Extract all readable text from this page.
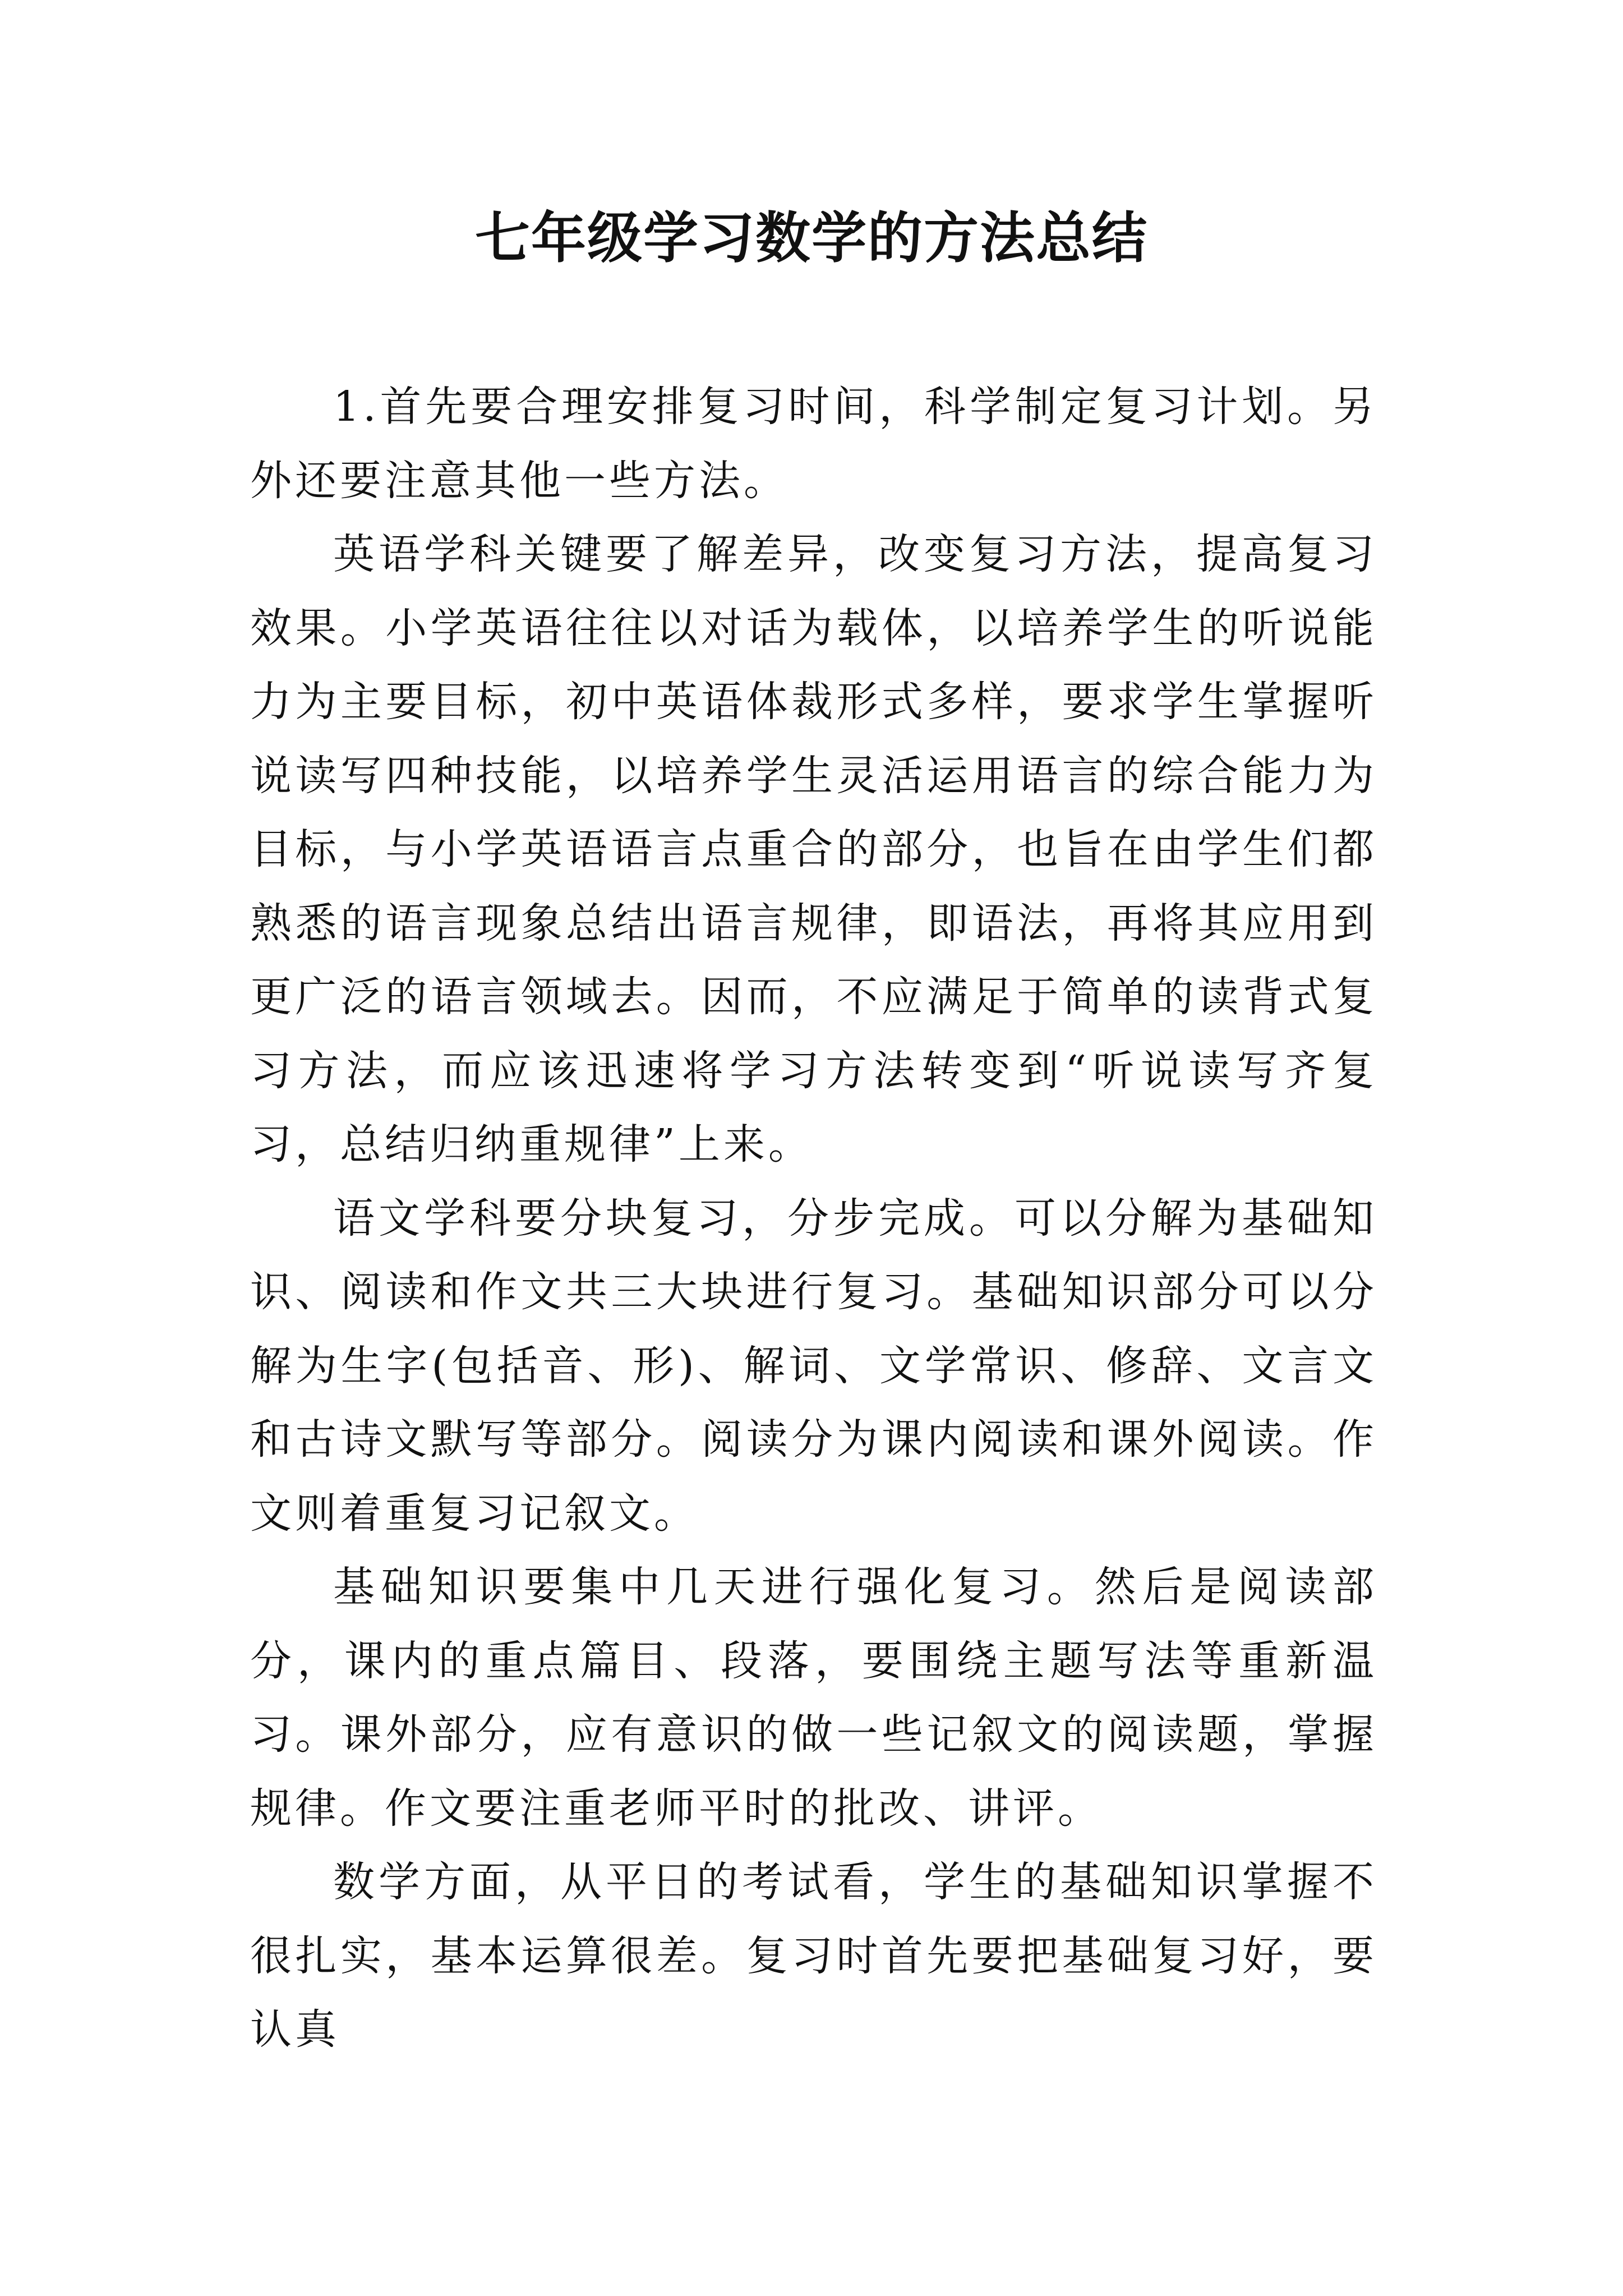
七年级学习数学的方法总结

1.首先要合理安排复习时间，科学制定复习计划。另外还要注意其他一些方法。

英语学科关键要了解差异，改变复习方法，提高复习效果。小学英语往往以对话为载体，以培养学生的听说能力为主要目标，初中英语体裁形式多样，要求学生掌握听说读写四种技能，以培养学生灵活运用语言的综合能力为目标，与小学英语语言点重合的部分，也旨在由学生们都熟悉的语言现象总结出语言规律，即语法，再将其应用到更广泛的语言领域去。因而，不应满足于简单的读背式复习方法，而应该迅速将学习方法转变到“听说读写齐复习，总结归纳重规律”上来。

语文学科要分块复习，分步完成。可以分解为基础知识、阅读和作文共三大块进行复习。基础知识部分可以分解为生字(包括音、形)、解词、文学常识、修辞、文言文和古诗文默写等部分。阅读分为课内阅读和课外阅读。作文则着重复习记叙文。

基础知识要集中几天进行强化复习。然后是阅读部分，课内的重点篇目、段落，要围绕主题写法等重新温习。课外部分，应有意识的做一些记叙文的阅读题，掌握规律。作文要注重老师平时的批改、讲评。

数学方面，从平日的考试看，学生的基础知识掌握不很扎实，基本运算很差。复习时首先要把基础复习好，要认真
